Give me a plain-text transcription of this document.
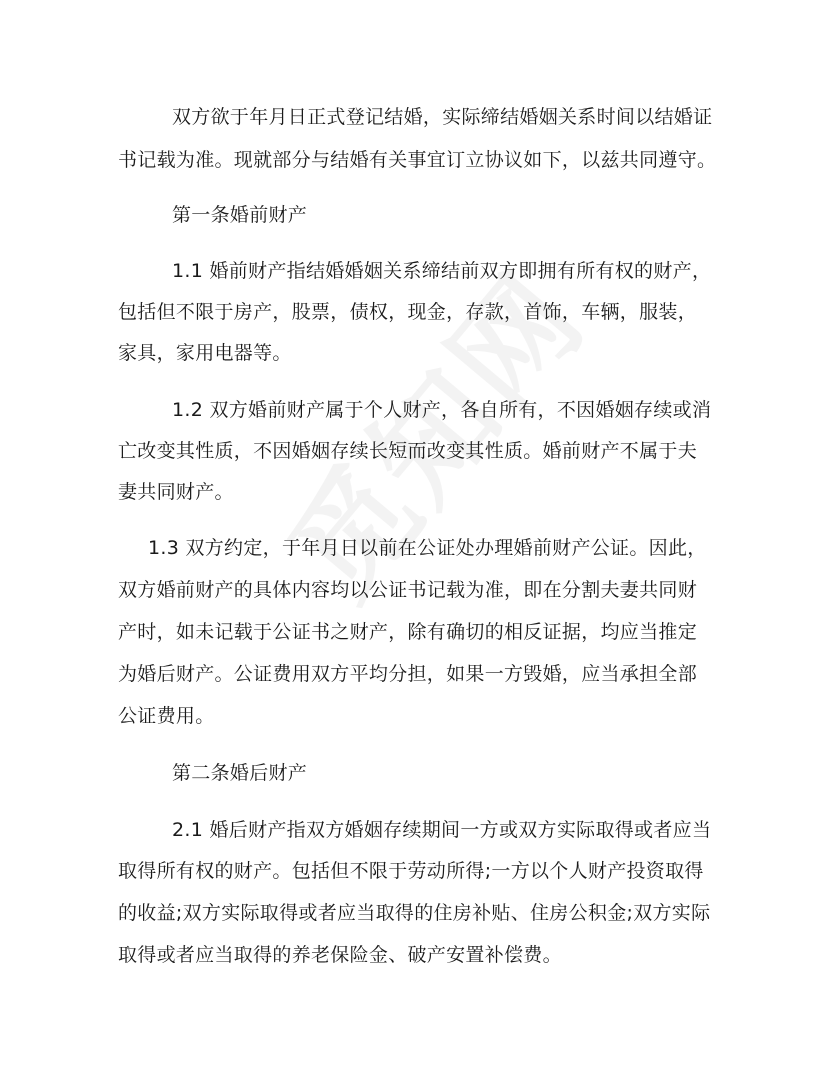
双方欲于年月日正式登记结婚，实际缔结婚姻关系时间以结婚证
书记载为准。现就部分与结婚有关事宜订立协议如下，以兹共同遵守。
第一条婚前财产
1.1 婚前财产指结婚婚姻关系缔结前双方即拥有所有权的财产，
包括但不限于房产，股票，债权，现金，存款，首饰，车辆，服装，
家具，家用电器等。
1.2 双方婚前财产属于个人财产，各自所有，不因婚姻存续或消
亡改变其性质，不因婚姻存续长短而改变其性质。婚前财产不属于夫
妻共同财产。
1.3 双方约定，于年月日以前在公证处办理婚前财产公证。因此，
双方婚前财产的具体内容均以公证书记载为准，即在分割夫妻共同财
产时，如未记载于公证书之财产，除有确切的相反证据，均应当推定
为婚后财产。公证费用双方平均分担，如果一方毁婚，应当承担全部
公证费用。
第二条婚后财产
2.1 婚后财产指双方婚姻存续期间一方或双方实际取得或者应当
取得所有权的财产。包括但不限于劳动所得;一方以个人财产投资取得
的收益;双方实际取得或者应当取得的住房补贴、住房公积金;双方实际
取得或者应当取得的养老保险金、破产安置补偿费。
